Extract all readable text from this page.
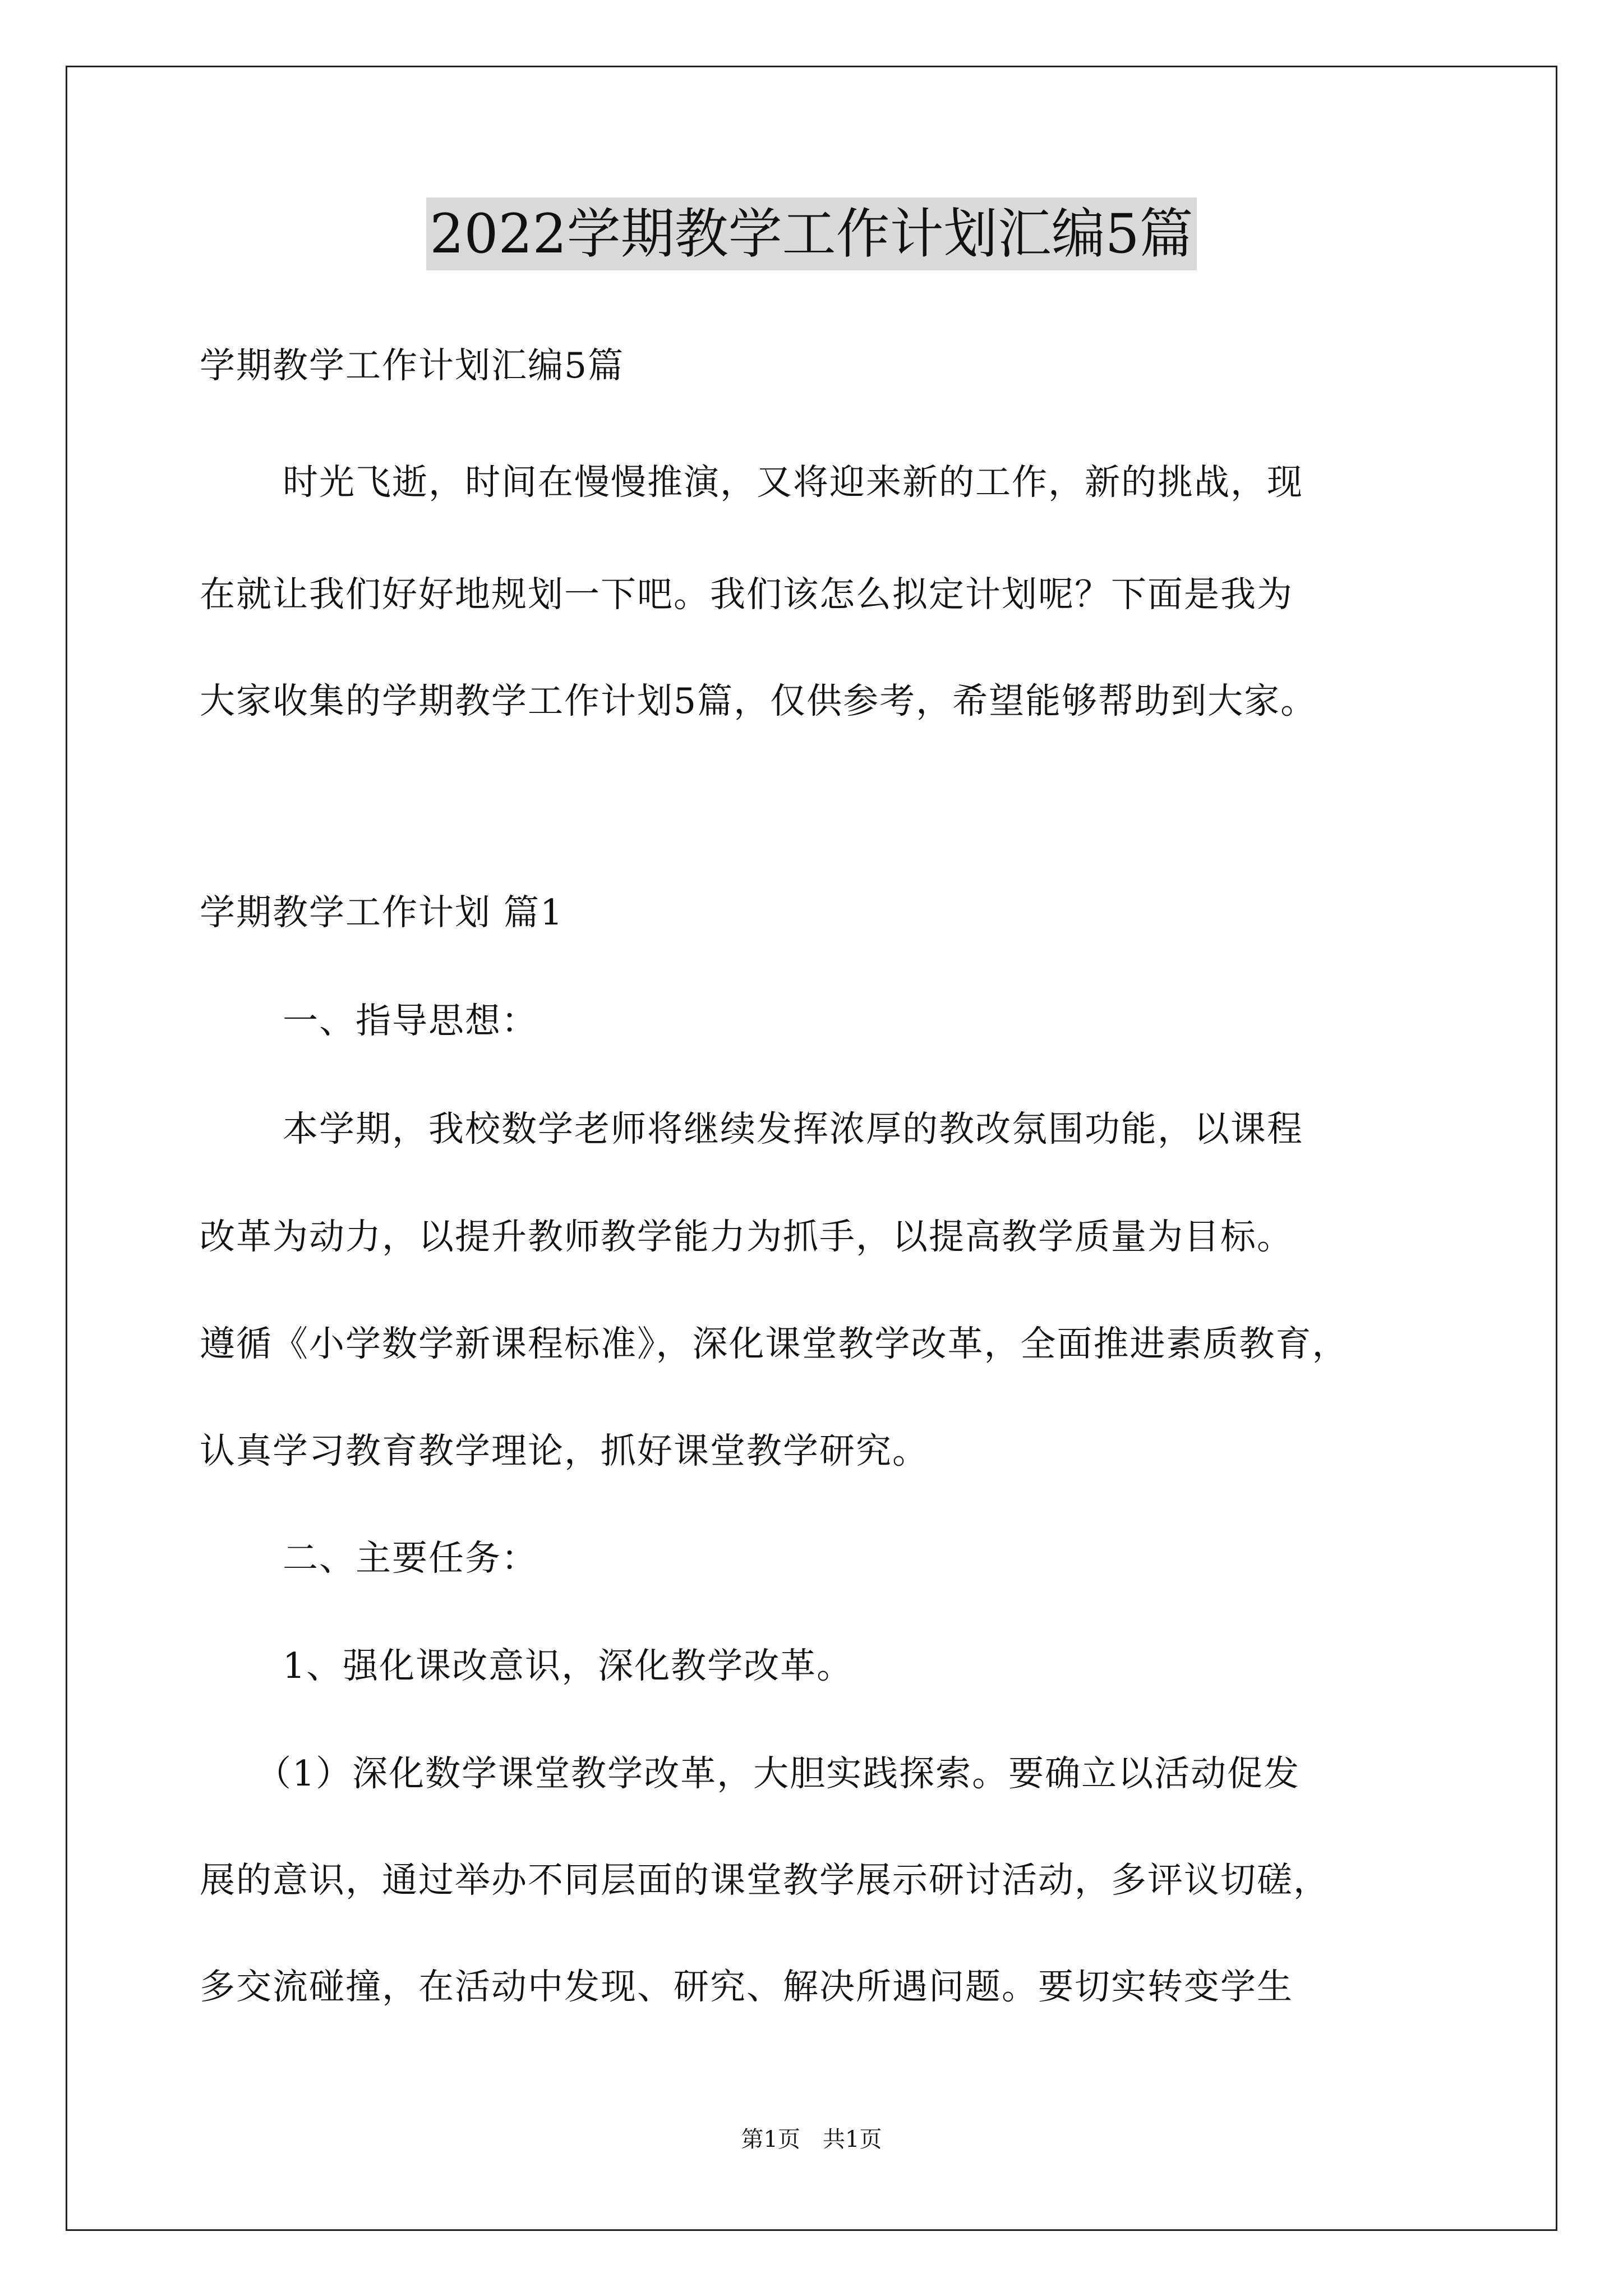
2022学期教学工作计划汇编5篇
学期教学工作计划汇编5篇
时光飞逝，时间在慢慢推演，又将迎来新的工作，新的挑战，现
在就让我们好好地规划一下吧。我们该怎么拟定计划呢？下面是我为
大家收集的学期教学工作计划5篇，仅供参考，希望能够帮助到大家。
学期教学工作计划 篇1
一、指导思想：
本学期，我校数学老师将继续发挥浓厚的教改氛围功能，以课程
改革为动力，以提升教师教学能力为抓手，以提高教学质量为目标。
遵循《小学数学新课程标准》，深化课堂教学改革，全面推进素质教育，
认真学习教育教学理论，抓好课堂教学研究。
二、主要任务：
1、强化课改意识，深化教学改革。
（1）深化数学课堂教学改革，大胆实践探索。要确立以活动促发
展的意识，通过举办不同层面的课堂教学展示研讨活动，多评议切磋，
多交流碰撞，在活动中发现、研究、解决所遇问题。要切实转变学生
第1页　共1页
